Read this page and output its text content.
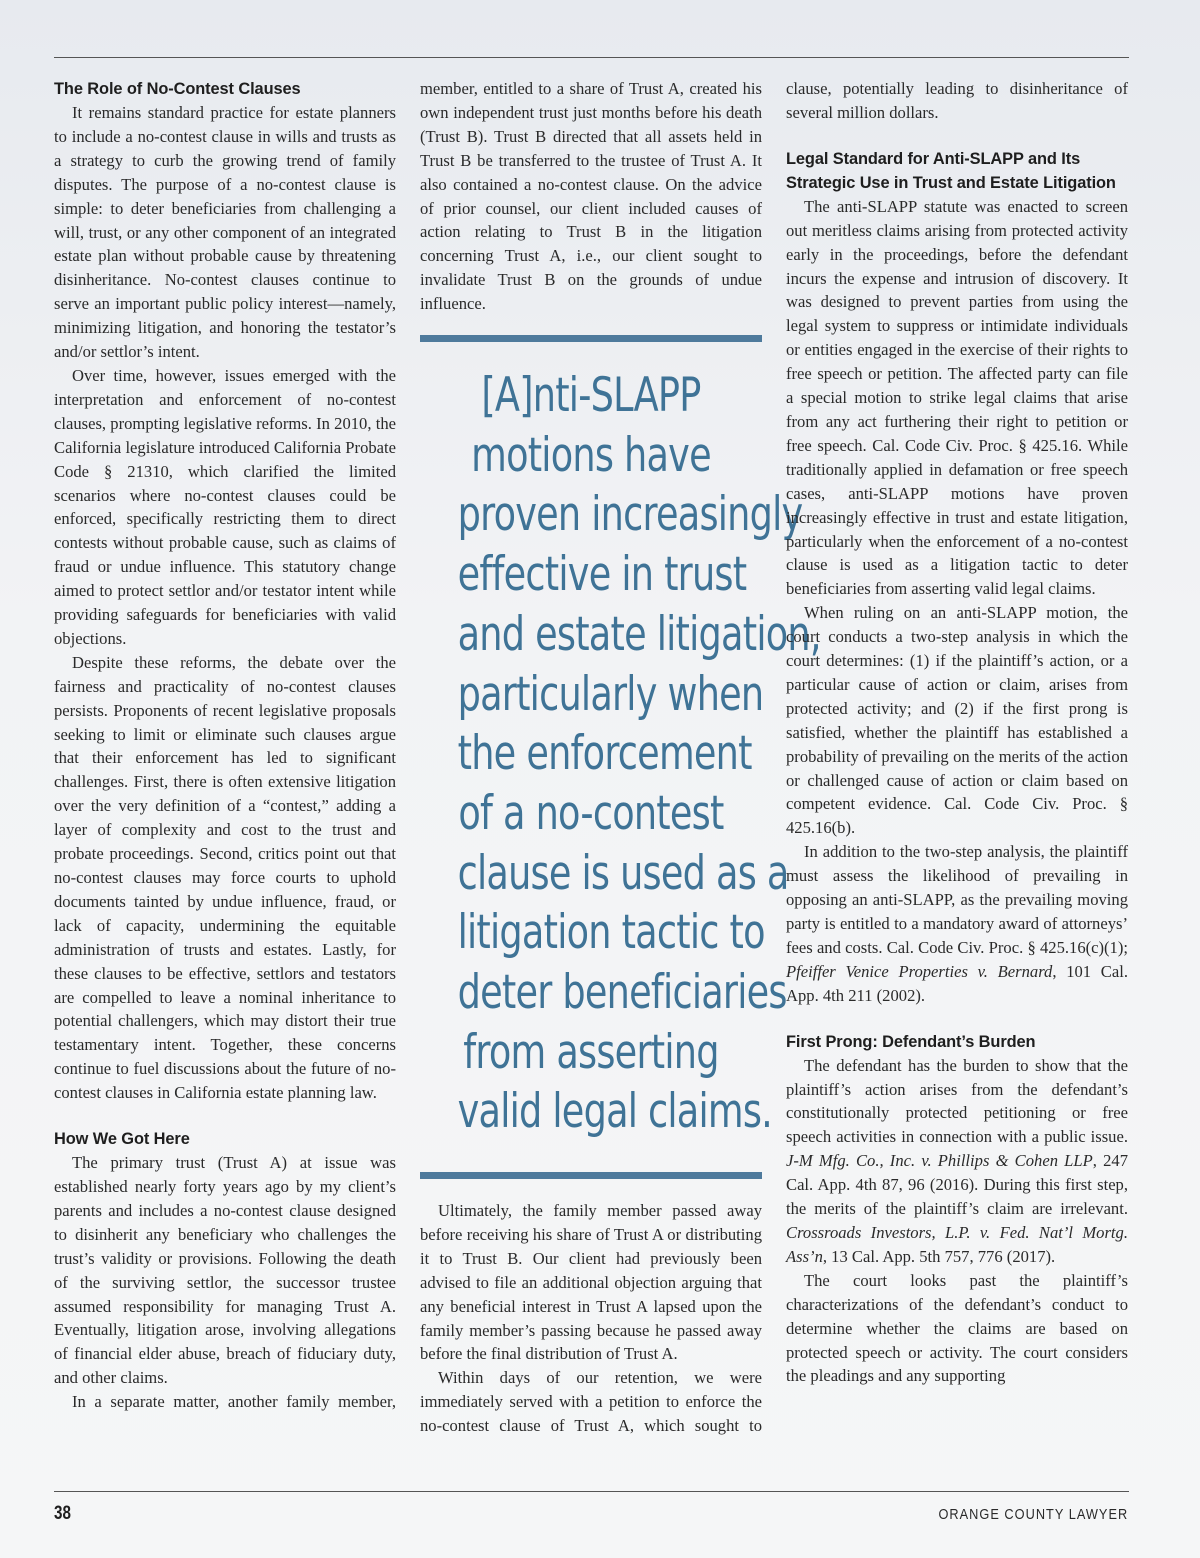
The Role of No-Contest Clauses

It remains standard practice for estate planners to include a no-contest clause in wills and trusts as a strategy to curb the growing trend of family disputes. The purpose of a no-contest clause is simple: to deter beneficiaries from challenging a will, trust, or any other component of an integrated estate plan without probable cause by threatening disinheritance. No-contest clauses continue to serve an important public policy interest—namely, minimizing litigation, and honoring the testator’s and/or settlor’s intent.

Over time, however, issues emerged with the interpretation and enforcement of no-contest clauses, prompting legislative reforms. In 2010, the California legislature introduced California Probate Code § 21310, which clarified the limited scenarios where no-contest clauses could be enforced, specifically restricting them to direct contests without probable cause, such as claims of fraud or undue influence. This statutory change aimed to protect settlor and/or testator intent while providing safeguards for beneficiaries with valid objections.

Despite these reforms, the debate over the fairness and practicality of no-contest clauses persists. Proponents of recent legislative proposals seeking to limit or eliminate such clauses argue that their enforcement has led to significant challenges. First, there is often extensive litigation over the very definition of a “contest,” adding a layer of complexity and cost to the trust and probate proceedings. Second, critics point out that no-contest clauses may force courts to uphold documents tainted by undue influence, fraud, or lack of capacity, undermining the equitable administration of trusts and estates. Lastly, for these clauses to be effective, settlors and testators are compelled to leave a nominal inheritance to potential challengers, which may distort their true testamentary intent. Together, these concerns continue to fuel discussions about the future of no-contest clauses in California estate planning law.

How We Got Here

The primary trust (Trust A) at issue was established nearly forty years ago by my client’s parents and includes a no-contest clause designed to disinherit any beneficiary who challenges the trust’s validity or provisions. Following the death of the surviving settlor, the successor trustee assumed responsibility for managing Trust A. Eventually, litigation arose, involving allegations of financial elder abuse, breach of fiduciary duty, and other claims.

In a separate matter, another family member,

member, entitled to a share of Trust A, created his own independent trust just months before his death (Trust B). Trust B directed that all assets held in Trust B be transferred to the trustee of Trust A. It also contained a no-contest clause. On the advice of prior counsel, our client included causes of action relating to Trust B in the litigation concerning Trust A, i.e., our client sought to invalidate Trust B on the grounds of undue influence.

[A]nti-SLAPP
motions have
proven increasingly
effective in trust
and estate litigation,
particularly when
the enforcement
of a no-contest
clause is used as a
litigation tactic to
deter beneficiaries
from asserting
valid legal claims.

Ultimately, the family member passed away before receiving his share of Trust A or distributing it to Trust B. Our client had previously been advised to file an additional objection arguing that any beneficial interest in Trust A lapsed upon the family member’s passing because he passed away before the final distribution of Trust A.

Within days of our retention, we were immediately served with a petition to enforce the no-contest clause of Trust A, which sought to

clause, potentially leading to disinheritance of several million dollars.

Legal Standard for Anti-SLAPP and Its Strategic Use in Trust and Estate Litigation

The anti-SLAPP statute was enacted to screen out meritless claims arising from protected activity early in the proceedings, before the defendant incurs the expense and intrusion of discovery. It was designed to prevent parties from using the legal system to suppress or intimidate individuals or entities engaged in the exercise of their rights to free speech or petition. The affected party can file a special motion to strike legal claims that arise from any act furthering their right to petition or free speech. Cal. Code Civ. Proc. § 425.16. While traditionally applied in defamation or free speech cases, anti-SLAPP motions have proven increasingly effective in trust and estate litigation, particularly when the enforcement of a no-contest clause is used as a litigation tactic to deter beneficiaries from asserting valid legal claims.

When ruling on an anti-SLAPP motion, the court conducts a two-step analysis in which the court determines: (1) if the plaintiff’s action, or a particular cause of action or claim, arises from protected activity; and (2) if the first prong is satisfied, whether the plaintiff has established a probability of prevailing on the merits of the action or challenged cause of action or claim based on competent evidence. Cal. Code Civ. Proc. § 425.16(b).

In addition to the two-step analysis, the plaintiff must assess the likelihood of prevailing in opposing an anti-SLAPP, as the prevailing moving party is entitled to a mandatory award of attorneys’ fees and costs. Cal. Code Civ. Proc. § 425.16(c)(1); Pfeiffer Venice Properties v. Bernard, 101 Cal. App. 4th 211 (2002).

First Prong: Defendant’s Burden

The defendant has the burden to show that the plaintiff’s action arises from the defendant’s constitutionally protected petitioning or free speech activities in connection with a public issue. J-M Mfg. Co., Inc. v. Phillips & Cohen LLP, 247 Cal. App. 4th 87, 96 (2016). During this first step, the merits of the plaintiff’s claim are irrelevant. Crossroads Investors, L.P. v. Fed. Nat’l Mortg. Ass’n, 13 Cal. App. 5th 757, 776 (2017).

The court looks past the plaintiff’s characterizations of the defendant’s conduct to determine whether the claims are based on protected speech or activity. The court considers the pleadings and any supporting

38	ORANGE COUNTY LAWYER
